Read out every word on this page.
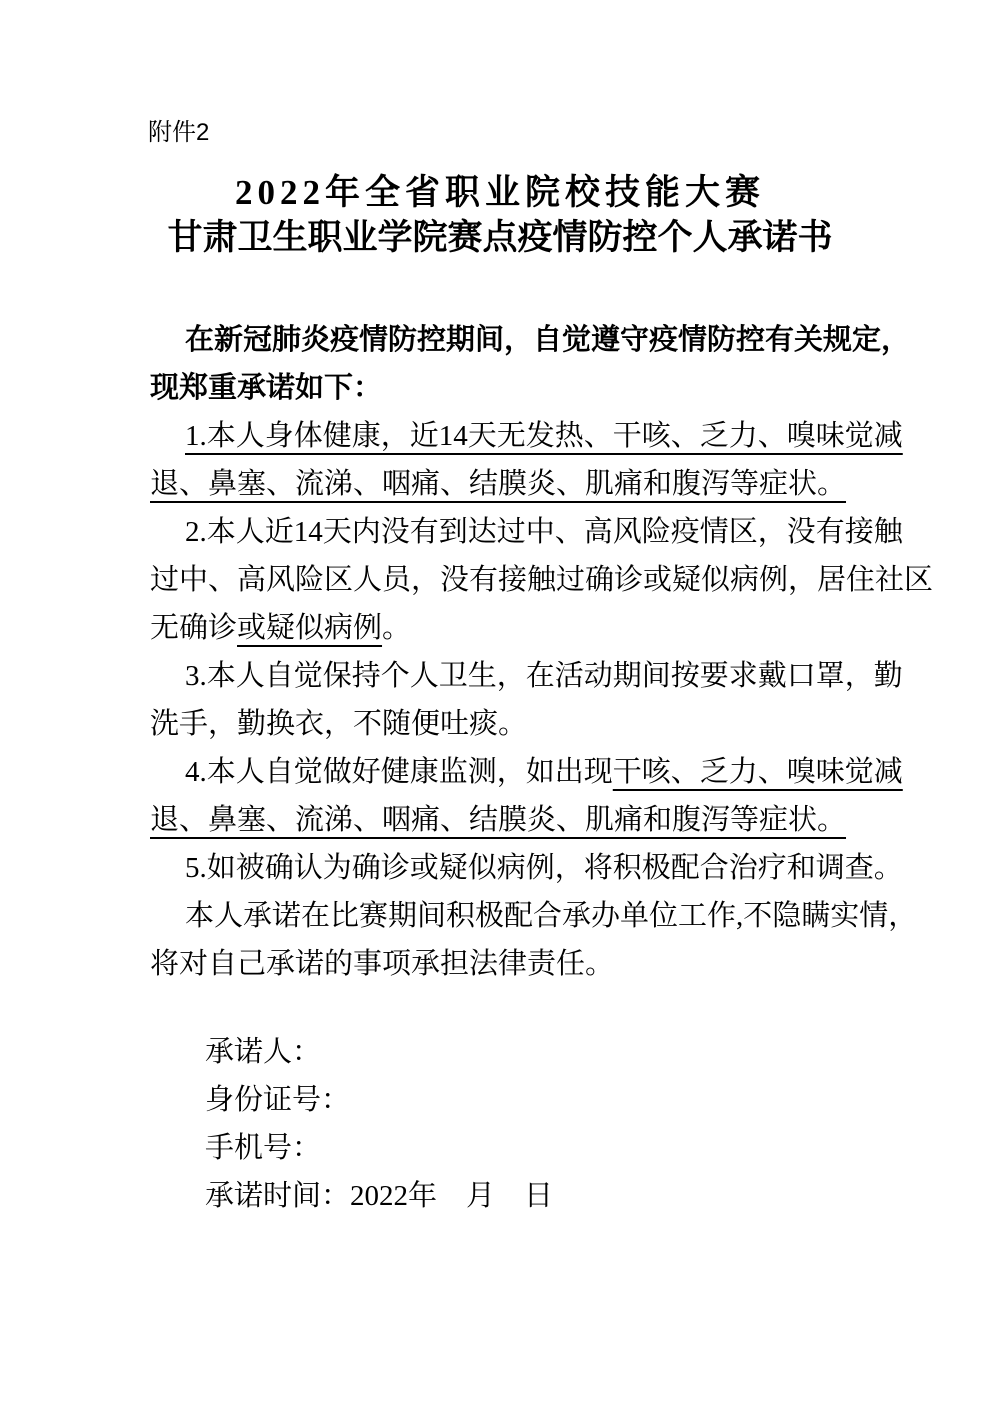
附件2
2022年全省职业院校技能大赛
甘肃卫生职业学院赛点疫情防控个人承诺书

在新冠肺炎疫情防控期间，自觉遵守疫情防控有关规定，

现郑重承诺如下：

1.本人身体健康，近14天无发热、干咳、乏力、嗅味觉减

退、鼻塞、流涕、咽痛、结膜炎、肌痛和腹泻等症状。

2.本人近14天内没有到达过中、高风险疫情区，没有接触

过中、高风险区人员，没有接触过确诊或疑似病例，居住社区

无确诊或疑似病例。

3.本人自觉保持个人卫生，在活动期间按要求戴口罩，勤

洗手，勤换衣，不随便吐痰。

4.本人自觉做好健康监测，如出现干咳、乏力、嗅味觉减

退、鼻塞、流涕、咽痛、结膜炎、肌痛和腹泻等症状。

5.如被确认为确诊或疑似病例，将积极配合治疗和调查。

本人承诺在比赛期间积极配合承办单位工作,不隐瞒实情，

将对自己承诺的事项承担法律责任。

承诺人：

身份证号：

手机号：

承诺时间：2022年　月　日
